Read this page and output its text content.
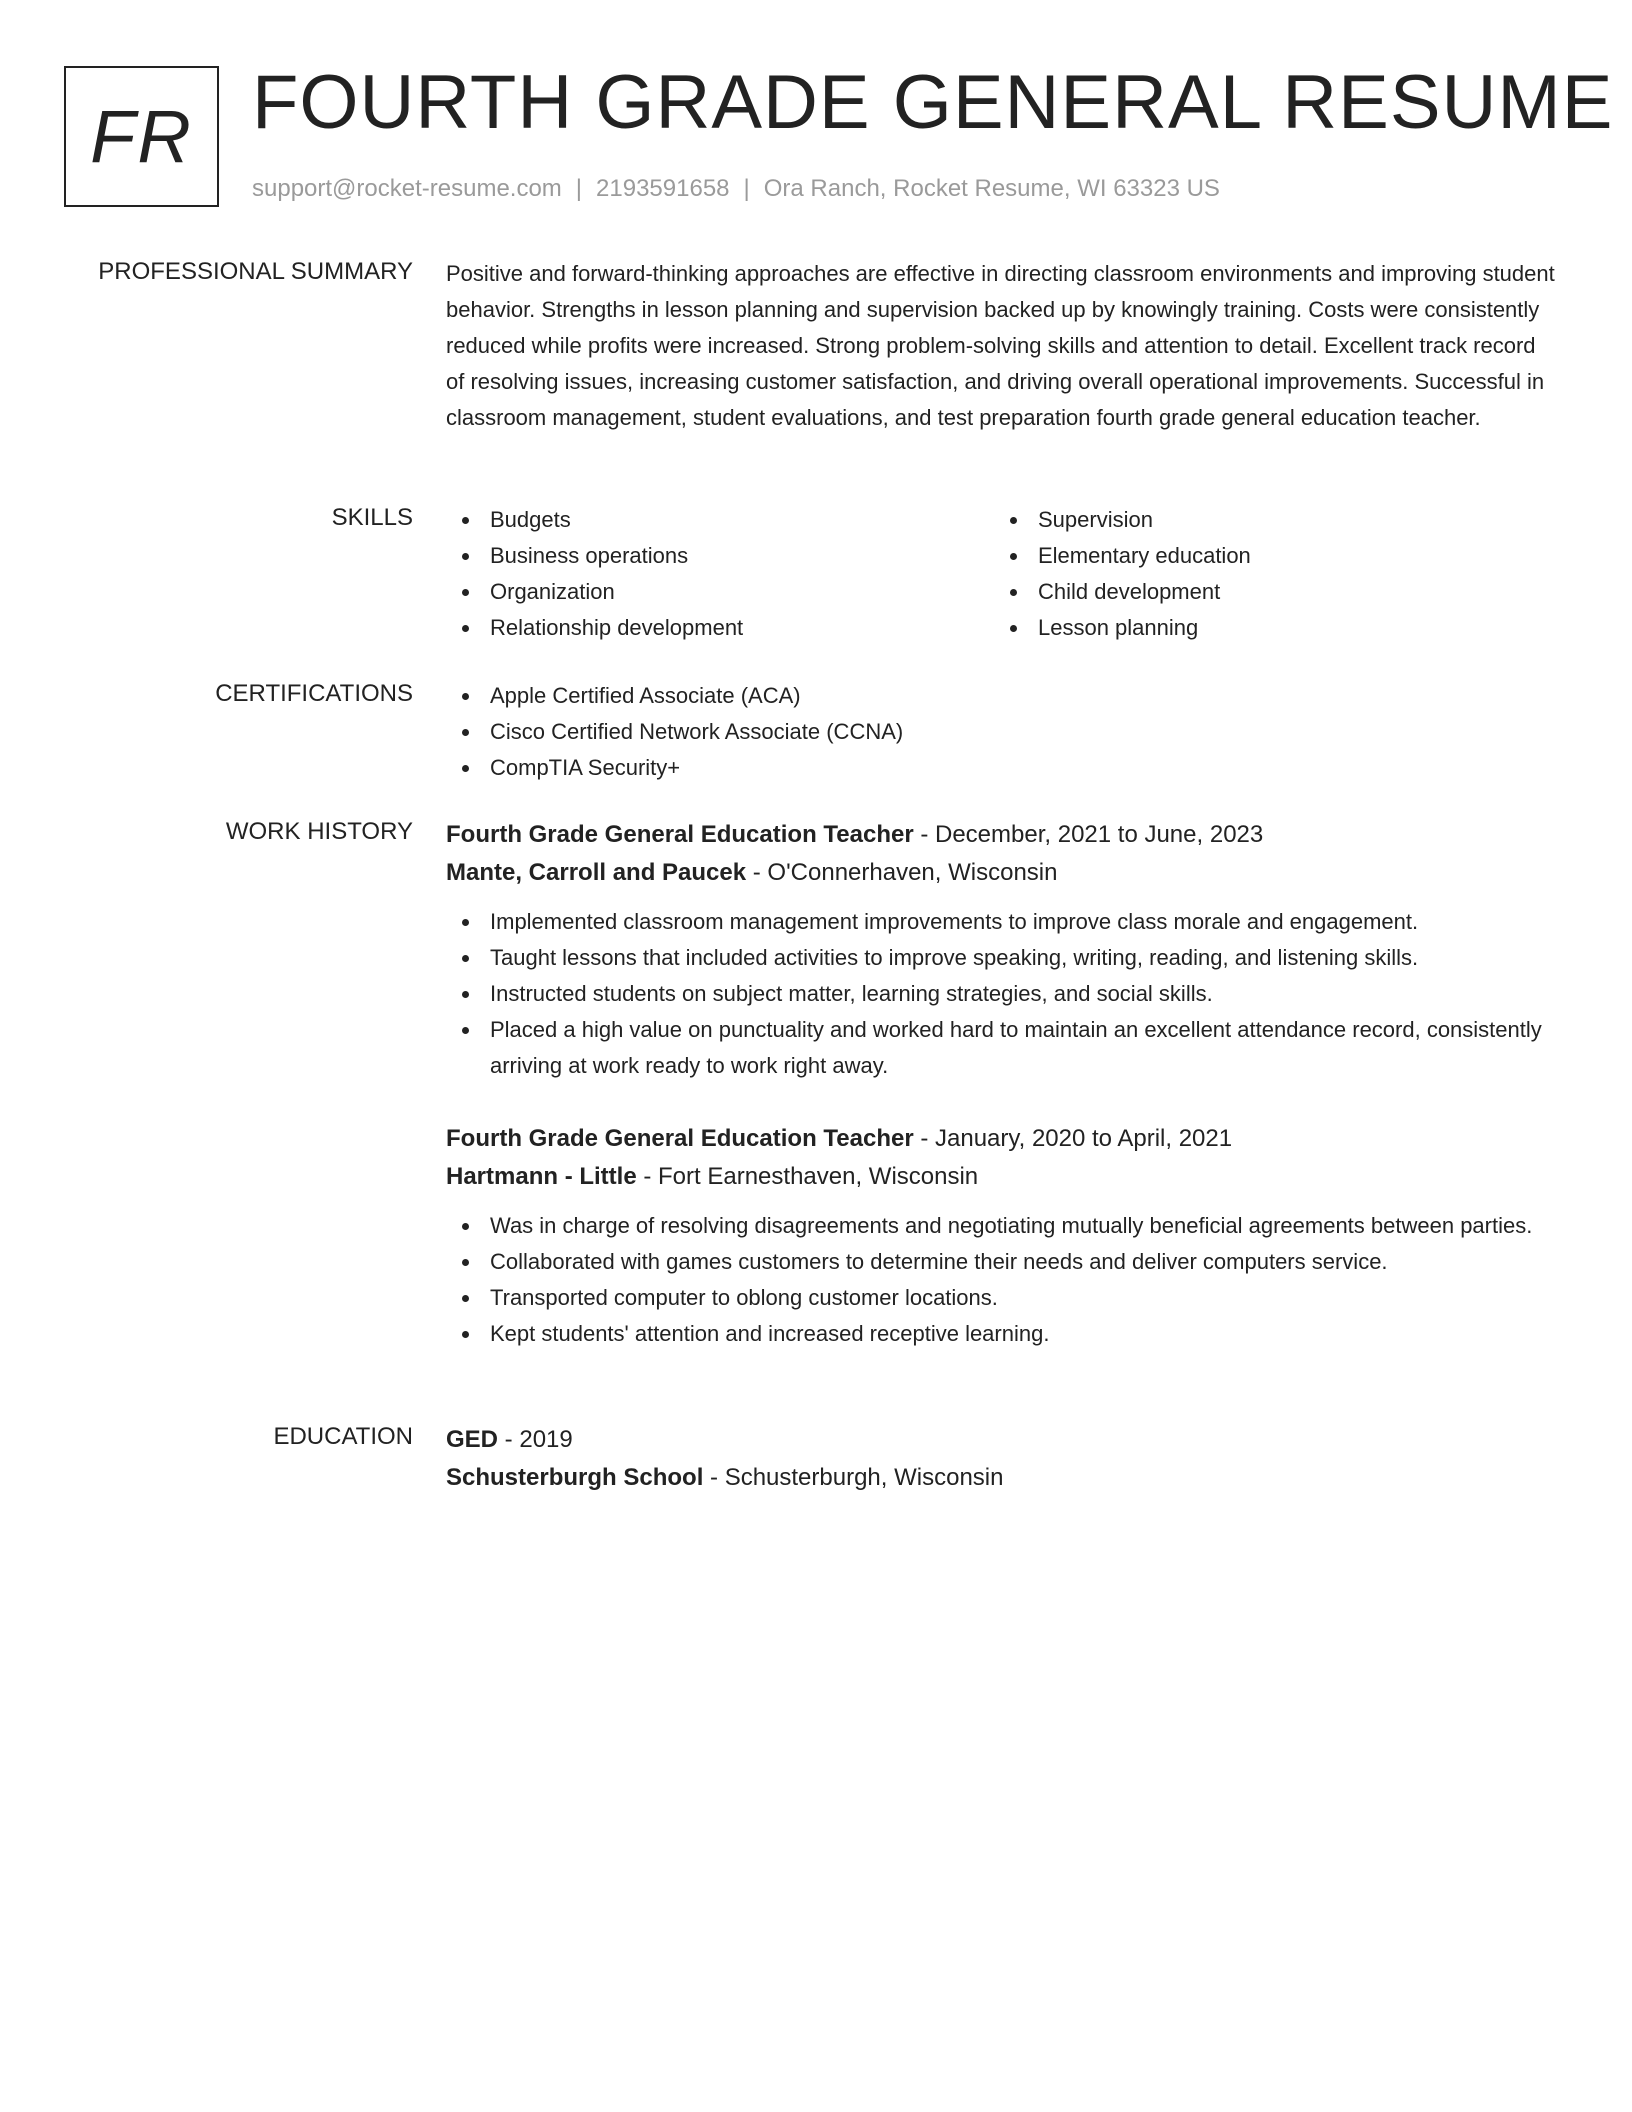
FR FOURTH GRADE GENERAL RESUME
support@rocket-resume.com | 2193591658 | Ora Ranch, Rocket Resume, WI 63323 US
PROFESSIONAL SUMMARY Positive and forward-thinking approaches are effective in directing classroom environments and improving student behavior. Strengths in lesson planning and supervision backed up by knowingly training. Costs were consistently reduced while profits were increased. Strong problem-solving skills and attention to detail. Excellent track record of resolving issues, increasing customer satisfaction, and driving overall operational improvements. Successful in classroom management, student evaluations, and test preparation fourth grade general education teacher.

SKILLS	Budgets
Business operations
Organization
Relationship development
Supervision
Elementary education
Child development
Lesson planning
CERTIFICATIONS	Apple Certified Associate (ACA)
Cisco Certified Network Associate (CCNA)
CompTIA Security+
WORK HISTORY Fourth Grade General Education Teacher - December, 2021 to June, 2023
Mante, Carroll and Paucek - O'Connerhaven, Wisconsin
Implemented classroom management improvements to improve class morale and engagement.
Taught lessons that included activities to improve speaking, writing, reading, and listening skills.
Instructed students on subject matter, learning strategies, and social skills.
Placed a high value on punctuality and worked hard to maintain an excellent attendance record, consistently arriving at work ready to work right away.
Fourth Grade General Education Teacher - January, 2020 to April, 2021
Hartmann - Little - Fort Earnesthaven, Wisconsin
Was in charge of resolving disagreements and negotiating mutually beneficial agreements between parties.
Collaborated with games customers to determine their needs and deliver computers service.
Transported computer to oblong customer locations.
Kept students' attention and increased receptive learning.
EDUCATION GED - 2019
Schusterburgh School - Schusterburgh, Wisconsin
